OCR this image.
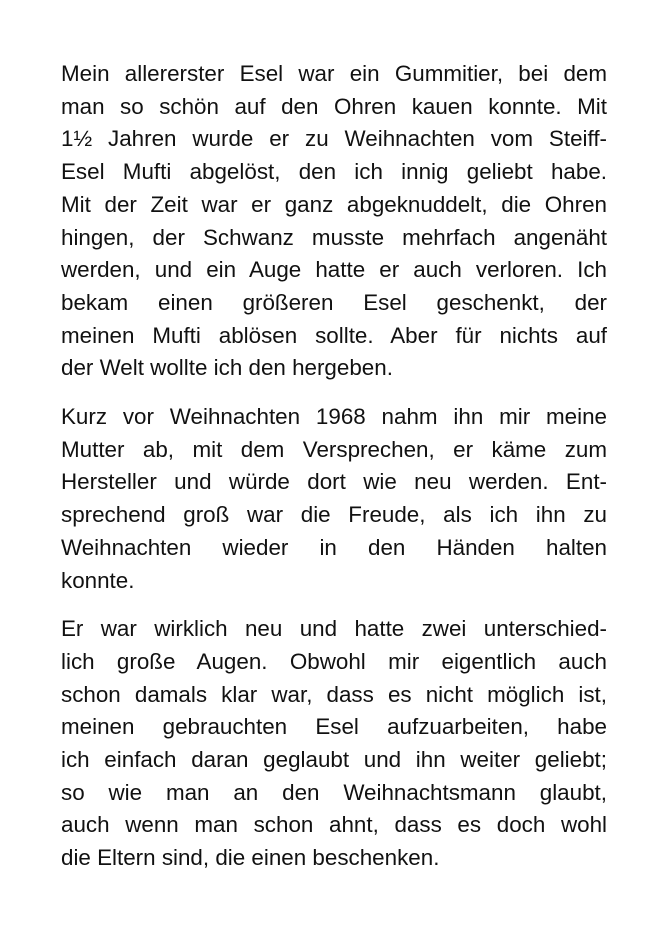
Mein allererster Esel war ein Gummitier, bei dem
man so schön auf den Ohren kauen konnte. Mit
1½ Jahren wurde er zu Weihnachten vom Steiff-
Esel Mufti abgelöst, den ich innig geliebt habe.
Mit der Zeit war er ganz abgeknuddelt, die Ohren
hingen, der Schwanz musste mehrfach angenäht
werden, und ein Auge hatte er auch verloren. Ich
bekam einen größeren Esel geschenkt, der
meinen Mufti ablösen sollte. Aber für nichts auf
der Welt wollte ich den hergeben.

Kurz vor Weihnachten 1968 nahm ihn mir meine
Mutter ab, mit dem Versprechen, er käme zum
Hersteller und würde dort wie neu werden. Ent-
sprechend groß war die Freude, als ich ihn zu
Weihnachten wieder in den Händen halten
konnte.

Er war wirklich neu und hatte zwei unterschied-
lich große Augen. Obwohl mir eigentlich auch
schon damals klar war, dass es nicht möglich ist,
meinen gebrauchten Esel aufzuarbeiten, habe
ich einfach daran geglaubt und ihn weiter geliebt;
so wie man an den Weihnachtsmann glaubt,
auch wenn man schon ahnt, dass es doch wohl
die Eltern sind, die einen beschenken.
